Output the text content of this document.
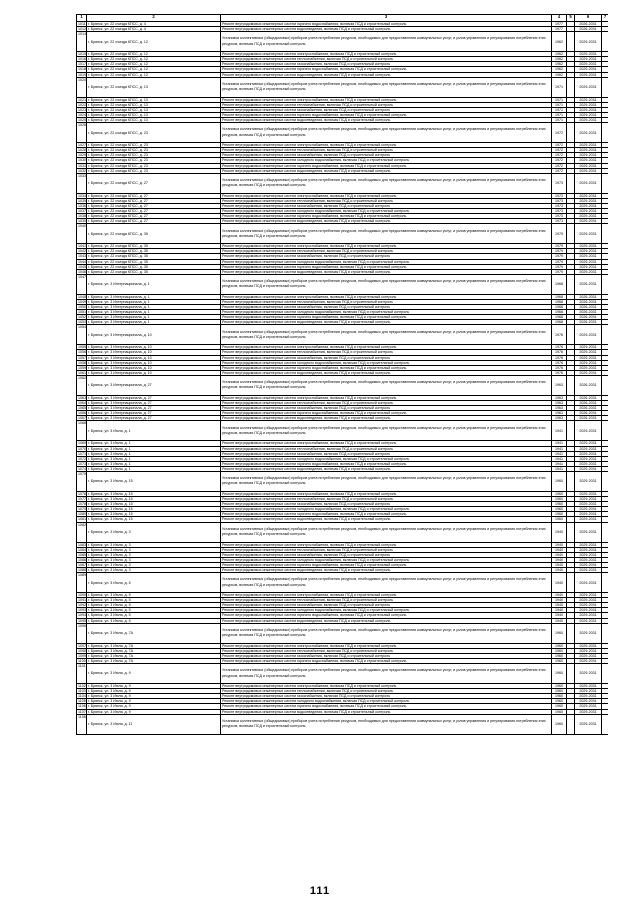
1	2	3	4	5	6	7
1011	г. Брянск, ул. 22 съезда КПСС, д. 4	Ремонт внутридомовых инженерных систем горячего водоснабжения, включая ПСД и строительный контроль	1977		2026-2031	
1012	г. Брянск, ул. 22 съезда КПСС, д. 4	Ремонт внутридомовых инженерных систем водоотведения, включая ПСД и строительный контроль	1977		2026-2031	
1014	г. Брянск, ул. 22 съезда КПСС, д. 12	Установка коллективных (общедомовых) приборов учета потребления ресурсов, необходимых для предоставления коммунальных услуг, и узлов управления и регулирования потребления этих ресурсов, включая ПСД и строительный контроль	1962		2029-2031	
1015	г. Брянск, ул. 22 съезда КПСС, д. 12	Ремонт внутридомовых инженерных систем электроснабжения, включая ПСД и строительный контроль	1962		2029-2031	
1016	г. Брянск, ул. 22 съезда КПСС, д. 12	Ремонт внутридомовых инженерных систем теплоснабжения, включая ПСД и строительный контроль	1962		2029-2031	
1017	г. Брянск, ул. 22 съезда КПСС, д. 12	Ремонт внутридомовых инженерных систем газоснабжения, включая ПСД и строительный контроль	1962		2029-2031	
1018	г. Брянск, ул. 22 съезда КПСС, д. 12	Ремонт внутридомовых инженерных систем горячего водоснабжения, включая ПСД и строительный контроль	1962		2029-2031	
1019	г. Брянск, ул. 22 съезда КПСС, д. 12	Ремонт внутридомовых инженерных систем водоотведения, включая ПСД и строительный контроль	1962		2029-2031	
1020	г. Брянск, ул. 22 съезда КПСС, д. 13	Установка коллективных (общедомовых) приборов учета потребления ресурсов, необходимых для предоставления коммунальных услуг, и узлов управления и регулирования потребления этих ресурсов, включая ПСД и строительный контроль	1971		2029-2031	
1021	г. Брянск, ул. 22 съезда КПСС, д. 13	Ремонт внутридомовых инженерных систем электроснабжения, включая ПСД и строительный контроль	1971		2029-2031	
1022	г. Брянск, ул. 22 съезда КПСС, д. 13	Ремонт внутридомовых инженерных систем теплоснабжения, включая ПСД и строительный контроль	1971		2029-2031	
1023	г. Брянск, ул. 22 съезда КПСС, д. 13	Ремонт внутридомовых инженерных систем газоснабжения, включая ПСД и строительный контроль	1971		2029-2031	
1024	г. Брянск, ул. 22 съезда КПСС, д. 13	Ремонт внутридомовых инженерных систем горячего водоснабжения, включая ПСД и строительный контроль	1971		2029-2031	
1025	г. Брянск, ул. 22 съезда КПСС, д. 13	Ремонт внутридомовых инженерных систем водоотведения, включая ПСД и строительный контроль	1971		2029-2031	
1026	г. Брянск, ул. 22 съезда КПСС, д. 23	Установка коллективных (общедомовых) приборов учета потребления ресурсов, необходимых для предоставления коммунальных услуг, и узлов управления и регулирования потребления этих ресурсов, включая ПСД и строительный контроль	1972		2029-2031	
1027	г. Брянск, ул. 22 съезда КПСС, д. 23	Ремонт внутридомовых инженерных систем электроснабжения, включая ПСД и строительный контроль	1972		2029-2031	
1028	г. Брянск, ул. 22 съезда КПСС, д. 23	Ремонт внутридомовых инженерных систем теплоснабжения, включая ПСД и строительный контроль	1972		2029-2031	
1029	г. Брянск, ул. 22 съезда КПСС, д. 23	Ремонт внутридомовых инженерных систем газоснабжения, включая ПСД и строительный контроль	1972		2029-2031	
1030	г. Брянск, ул. 22 съезда КПСС, д. 23	Ремонт внутридомовых инженерных систем холодного водоснабжения, включая ПСД и строительный контроль	1972		2029-2031	
1031	г. Брянск, ул. 22 съезда КПСС, д. 23	Ремонт внутридомовых инженерных систем горячего водоснабжения, включая ПСД и строительный контроль	1972		2029-2031	
1032	г. Брянск, ул. 22 съезда КПСС, д. 23	Ремонт внутридомовых инженерных систем водоотведения, включая ПСД и строительный контроль	1972		2029-2031	
1033	г. Брянск, ул. 22 съезда КПСС, д. 27	Установка коллективных (общедомовых) приборов учета потребления ресурсов, необходимых для предоставления коммунальных услуг, и узлов управления и регулирования потребления этих ресурсов, включая ПСД и строительный контроль	1973		2029-2031	
1034	г. Брянск, ул. 22 съезда КПСС, д. 27	Ремонт внутридомовых инженерных систем электроснабжения, включая ПСД и строительный контроль	1973		2029-2031	
1035	г. Брянск, ул. 22 съезда КПСС, д. 27	Ремонт внутридомовых инженерных систем теплоснабжения, включая ПСД и строительный контроль	1973		2029-2031	
1036	г. Брянск, ул. 22 съезда КПСС, д. 27	Ремонт внутридомовых инженерных систем газоснабжения, включая ПСД и строительный контроль	1973		2029-2031	
1037	г. Брянск, ул. 22 съезда КПСС, д. 27	Ремонт внутридомовых инженерных систем холодного водоснабжения, включая ПСД и строительный контроль	1973		2029-2031	
1038	г. Брянск, ул. 22 съезда КПСС, д. 27	Ремонт внутридомовых инженерных систем горячего водоснабжения, включая ПСД и строительный контроль	1973		2029-2031	
1039	г. Брянск, ул. 22 съезда КПСС, д. 27	Ремонт внутридомовых инженерных систем водоотведения, включая ПСД и строительный контроль	1973		2029-2031	
1040	г. Брянск, ул. 22 съезда КПСС, д. 35	Установка коллективных (общедомовых) приборов учета потребления ресурсов, необходимых для предоставления коммунальных услуг, и узлов управления и регулирования потребления этих ресурсов, включая ПСД и строительный контроль	1979		2029-2031	
1041	г. Брянск, ул. 22 съезда КПСС, д. 35	Ремонт внутридомовых инженерных систем электроснабжения, включая ПСД и строительный контроль	1979		2029-2031	
1042	г. Брянск, ул. 22 съезда КПСС, д. 35	Ремонт внутридомовых инженерных систем теплоснабжения, включая ПСД и строительный контроль	1979		2029-2031	
1043	г. Брянск, ул. 22 съезда КПСС, д. 35	Ремонт внутридомовых инженерных систем газоснабжения, включая ПСД и строительный контроль	1979		2029-2031	
1044	г. Брянск, ул. 22 съезда КПСС, д. 35	Ремонт внутридомовых инженерных систем холодного водоснабжения, включая ПСД и строительный контроль	1979		2029-2031	
1045	г. Брянск, ул. 22 съезда КПСС, д. 35	Ремонт внутридомовых инженерных систем горячего водоснабжения, включая ПСД и строительный контроль	1979		2029-2031	
1046	г. Брянск, ул. 22 съезда КПСС, д. 35	Ремонт внутридомовых инженерных систем водоотведения, включая ПСД и строительный контроль	1979		2029-2031	
1047	г. Брянск, ул. 3 Интернационала, д. 1	Установка коллективных (общедомовых) приборов учета потребления ресурсов, необходимых для предоставления коммунальных услуг, и узлов управления и регулирования потребления этих ресурсов, включая ПСД и строительный контроль	1968		2026-2031	
1048	г. Брянск, ул. 3 Интернационала, д. 1	Ремонт внутридомовых инженерных систем электроснабжения, включая ПСД и строительный контроль	1968		2026-2031	
1049	г. Брянск, ул. 3 Интернационала, д. 1	Ремонт внутридомовых инженерных систем теплоснабжения, включая ПСД и строительный контроль	1968		2026-2031	
1050	г. Брянск, ул. 3 Интернационала, д. 1	Ремонт внутридомовых инженерных систем газоснабжения, включая ПСД и строительный контроль	1968		2026-2031	
1051	г. Брянск, ул. 3 Интернационала, д. 1	Ремонт внутридомовых инженерных систем холодного водоснабжения, включая ПСД и строительный контроль	1968		2026-2031	
1052	г. Брянск, ул. 3 Интернационала, д. 1	Ремонт внутридомовых инженерных систем горячего водоснабжения, включая ПСД и строительный контроль	1968		2026-2031	
1053	г. Брянск, ул. 3 Интернационала, д. 1	Ремонт внутридомовых инженерных систем водоотведения, включая ПСД и строительный контроль	1968		2026-2031	
1054	г. Брянск, ул. 3 Интернационала, д. 10	Установка коллективных (общедомовых) приборов учета потребления ресурсов, необходимых для предоставления коммунальных услуг, и узлов управления и регулирования потребления этих ресурсов, включая ПСД и строительный контроль	1976		2029-2031	
1055	г. Брянск, ул. 3 Интернационала, д. 10	Ремонт внутридомовых инженерных систем электроснабжения, включая ПСД и строительный контроль	1976		2029-2031	
1056	г. Брянск, ул. 3 Интернационала, д. 10	Ремонт внутридомовых инженерных систем теплоснабжения, включая ПСД и строительный контроль	1976		2029-2031	
1057	г. Брянск, ул. 3 Интернационала, д. 10	Ремонт внутридомовых инженерных систем газоснабжения, включая ПСД и строительный контроль	1976		2029-2031	
1058	г. Брянск, ул. 3 Интернационала, д. 10	Ремонт внутридомовых инженерных систем холодного водоснабжения, включая ПСД и строительный контроль	1976		2029-2031	
1059	г. Брянск, ул. 3 Интернационала, д. 10	Ремонт внутридомовых инженерных систем горячего водоснабжения, включая ПСД и строительный контроль	1976		2029-2031	
1061	г. Брянск, ул. 3 Интернационала, д. 10	Ремонт внутридомовых инженерных систем водоотведения, включая ПСД и строительный контроль	1976		2029-2031	
1062	г. Брянск, ул. 3 Интернационала, д. 27	Установка коллективных (общедомовых) приборов учета потребления ресурсов, необходимых для предоставления коммунальных услуг, и узлов управления и регулирования потребления этих ресурсов, включая ПСД и строительный контроль	1963		2026-2031	
1063	г. Брянск, ул. 3 Интернационала, д. 27	Ремонт внутридомовых инженерных систем электроснабжения, включая ПСД и строительный контроль	1963		2026-2031	
1064	г. Брянск, ул. 3 Интернационала, д. 27	Ремонт внутридомовых инженерных систем теплоснабжения, включая ПСД и строительный контроль	1963		2026-2031	
1065	г. Брянск, ул. 3 Интернационала, д. 27	Ремонт внутридомовых инженерных систем газоснабжения, включая ПСД и строительный контроль	1963		2026-2031	
1066	г. Брянск, ул. 3 Интернационала, д. 27	Ремонт внутридомовых инженерных систем горячего водоснабжения, включая ПСД и строительный контроль	1963		2026-2031	
1067	г. Брянск, ул. 3 Интернационала, д. 27	Ремонт внутридомовых инженерных систем водоотведения, включая ПСД и строительный контроль	1963		2026-2031	
1068	г. Брянск, ул. 3 Июля, д. 1	Установка коллективных (общедомовых) приборов учета потребления ресурсов, необходимых для предоставления коммунальных услуг, и узлов управления и регулирования потребления этих ресурсов, включая ПСД и строительный контроль	1941		2029-2031	
1069	г. Брянск, ул. 3 Июля, д. 1	Ремонт внутридомовых инженерных систем электроснабжения, включая ПСД и строительный контроль	1941		2029-2031	
1070	г. Брянск, ул. 3 Июля, д. 1	Ремонт внутридомовых инженерных систем теплоснабжения, включая ПСД и строительный контроль	1941		2029-2031	
1071	г. Брянск, ул. 3 Июля, д. 1	Ремонт внутридомовых инженерных систем газоснабжения, включая ПСД и строительный контроль	1941		2029-2031	
1072	г. Брянск, ул. 3 Июля, д. 1	Ремонт внутридомовых инженерных систем холодного водоснабжения, включая ПСД и строительный контроль	1941		2029-2031	
1073	г. Брянск, ул. 3 Июля, д. 1	Ремонт внутридомовых инженерных систем горячего водоснабжения, включая ПСД и строительный контроль	1941		2029-2031	
1074	г. Брянск, ул. 3 Июля, д. 1	Ремонт внутридомовых инженерных систем водоотведения, включая ПСД и строительный контроль	1941		2029-2031	
1075	г. Брянск, ул. 3 Июля, д. 15	Установка коллективных (общедомовых) приборов учета потребления ресурсов, необходимых для предоставления коммунальных услуг, и узлов управления и регулирования потребления этих ресурсов, включая ПСД и строительный контроль	1960		2029-2031	
1076	г. Брянск, ул. 3 Июля, д. 15	Ремонт внутридомовых инженерных систем электроснабжения, включая ПСД и строительный контроль	1960		2029-2031	
1077	г. Брянск, ул. 3 Июля, д. 15	Ремонт внутридомовых инженерных систем теплоснабжения, включая ПСД и строительный контроль	1960		2029-2031	
1078	г. Брянск, ул. 3 Июля, д. 15	Ремонт внутридомовых инженерных систем газоснабжения, включая ПСД и строительный контроль	1960		2029-2031	
1079	г. Брянск, ул. 3 Июля, д. 15	Ремонт внутридомовых инженерных систем холодного водоснабжения, включая ПСД и строительный контроль	1960		2029-2031	
1080	г. Брянск, ул. 3 Июля, д. 15	Ремонт внутридомовых инженерных систем горячего водоснабжения, включая ПСД и строительный контроль	1960		2029-2031	
1081	г. Брянск, ул. 3 Июля, д. 15	Ремонт внутридомовых инженерных систем водоотведения, включая ПСД и строительный контроль	1960		2029-2031	
1082	г. Брянск, ул. 3 Июля, д. 3	Установка коллективных (общедомовых) приборов учета потребления ресурсов, необходимых для предоставления коммунальных услуг, и узлов управления и регулирования потребления этих ресурсов, включая ПСД и строительный контроль	1940		2029-2031	
1083	г. Брянск, ул. 3 Июля, д. 3	Ремонт внутридомовых инженерных систем электроснабжения, включая ПСД и строительный контроль	1940		2029-2031	
1084	г. Брянск, ул. 3 Июля, д. 3	Ремонт внутридомовых инженерных систем теплоснабжения, включая ПСД и строительный контроль	1940		2029-2031	
1085	г. Брянск, ул. 3 Июля, д. 3	Ремонт внутридомовых инженерных систем газоснабжения, включая ПСД и строительный контроль	1940		2029-2031	
1086	г. Брянск, ул. 3 Июля, д. 3	Ремонт внутридомовых инженерных систем холодного водоснабжения, включая ПСД и строительный контроль	1940		2029-2031	
1087	г. Брянск, ул. 3 Июля, д. 3	Ремонт внутридомовых инженерных систем горячего водоснабжения, включая ПСД и строительный контроль	1940		2029-2031	
1088	г. Брянск, ул. 3 Июля, д. 3	Ремонт внутридомовых инженерных систем водоотведения, включая ПСД и строительный контроль	1940		2029-2031	
1089	г. Брянск, ул. 3 Июля, д. 5	Установка коллективных (общедомовых) приборов учета потребления ресурсов, необходимых для предоставления коммунальных услуг, и узлов управления и регулирования потребления этих ресурсов, включая ПСД и строительный контроль	1940		2029-2031	
1090	г. Брянск, ул. 3 Июля, д. 5	Ремонт внутридомовых инженерных систем электроснабжения, включая ПСД и строительный контроль	1940		2029-2031	
1091	г. Брянск, ул. 3 Июля, д. 5	Ремонт внутридомовых инженерных систем теплоснабжения, включая ПСД и строительный контроль	1940		2029-2031	
1092	г. Брянск, ул. 3 Июля, д. 5	Ремонт внутридомовых инженерных систем газоснабжения, включая ПСД и строительный контроль	1940		2029-2031	
1093	г. Брянск, ул. 3 Июля, д. 5	Ремонт внутридомовых инженерных систем холодного водоснабжения, включая ПСД и строительный контроль	1940		2029-2031	
1094	г. Брянск, ул. 3 Июля, д. 5	Ремонт внутридомовых инженерных систем горячего водоснабжения, включая ПСД и строительный контроль	1940		2029-2031	
1095	г. Брянск, ул. 3 Июля, д. 5	Ремонт внутридомовых инженерных систем водоотведения, включая ПСД и строительный контроль	1940		2029-2031	
1096	г. Брянск, ул. 3 Июля, д. 7А	Установка коллективных (общедомовых) приборов учета потребления ресурсов, необходимых для предоставления коммунальных услуг, и узлов управления и регулирования потребления этих ресурсов, включая ПСД и строительный контроль	1960		2029-2031	
1097	г. Брянск, ул. 3 Июля, д. 7А	Ремонт внутридомовых инженерных систем электроснабжения, включая ПСД и строительный контроль	1960		2029-2031	
1098	г. Брянск, ул. 3 Июля, д. 7А	Ремонт внутридомовых инженерных систем теплоснабжения, включая ПСД и строительный контроль	1960		2029-2031	
1099	г. Брянск, ул. 3 Июля, д. 7А	Ремонт внутридомовых инженерных систем газоснабжения, включая ПСД и строительный контроль	1960		2029-2031	
1100	г. Брянск, ул. 3 Июля, д. 7А	Ремонт внутридомовых инженерных систем горячего водоснабжения, включая ПСД и строительный контроль	1960		2029-2031	
1101	г. Брянск, ул. 3 Июля, д. 9	Установка коллективных (общедомовых) приборов учета потребления ресурсов, необходимых для предоставления коммунальных услуг, и узлов управления и регулирования потребления этих ресурсов, включая ПСД и строительный контроль	1960		2029-2031	
1102	г. Брянск, ул. 3 Июля, д. 9	Ремонт внутридомовых инженерных систем электроснабжения, включая ПСД и строительный контроль	1960		2029-2031	
1103	г. Брянск, ул. 3 Июля, д. 9	Ремонт внутридомовых инженерных систем теплоснабжения, включая ПСД и строительный контроль	1960		2029-2031	
1104	г. Брянск, ул. 3 Июля, д. 9	Ремонт внутридомовых инженерных систем газоснабжения, включая ПСД и строительный контроль	1960		2029-2031	
1105	г. Брянск, ул. 3 Июля, д. 9	Ремонт внутридомовых инженерных систем холодного водоснабжения, включая ПСД и строительный контроль	1960		2029-2031	
1106	г. Брянск, ул. 3 Июля, д. 9	Ремонт внутридомовых инженерных систем горячего водоснабжения, включая ПСД и строительный контроль	1960		2029-2031	
1107	г. Брянск, ул. 3 Июля, д. 9	Ремонт внутридомовых инженерных систем водоотведения, включая ПСД и строительный контроль	1960		2029-2031	
1108	г. Брянск, ул. 3 Июля, д. 11	Установка коллективных (общедомовых) приборов учета потребления ресурсов, необходимых для предоставления коммунальных услуг, и узлов управления и регулирования потребления этих ресурсов, включая ПСД и строительный контроль	1960		2029-2031	
111
